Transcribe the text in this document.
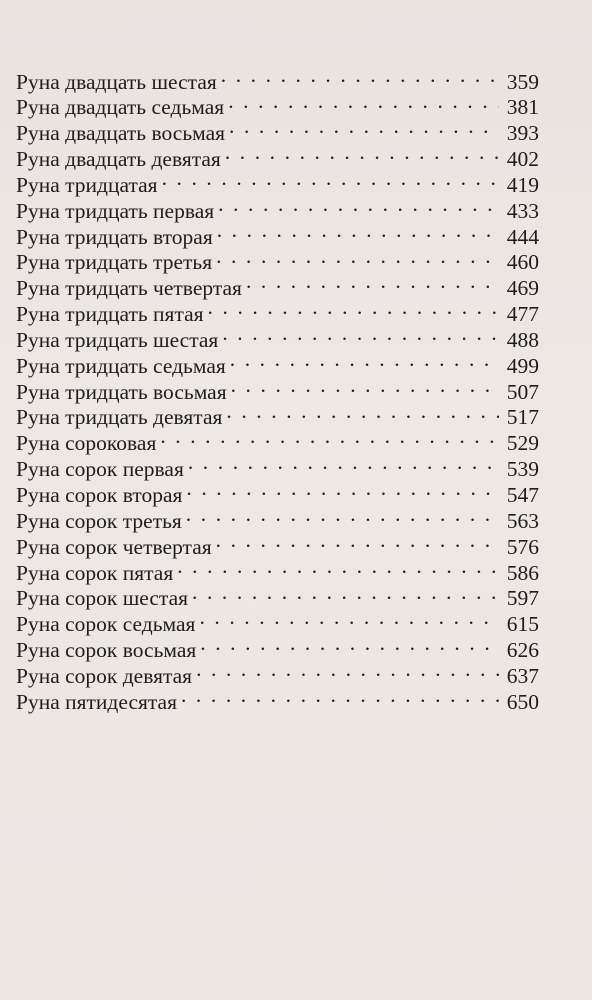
Руна двадцать шестая . . .	359
Руна двадцать седьмая . . .	381
Руна двадцать восьмая . . .	393
Руна двадцать девятая . . .	402
Руна тридцатая . . .	419
Руна тридцать первая . . .	433
Руна тридцать вторая . . .	444
Руна тридцать третья . . .	460
Руна тридцать четвертая . . .	469
Руна тридцать пятая . . .	477
Руна тридцать шестая . . .	488
Руна тридцать седьмая . . .	499
Руна тридцать восьмая . . .	507
Руна тридцать девятая . . .	517
Руна сороковая . . .	529
Руна сорок первая . . .	539
Руна сорок вторая . . .	547
Руна сорок третья . . .	563
Руна сорок четвертая . . .	576
Руна сорок пятая . . .	586
Руна сорок шестая . . .	597
Руна сорок седьмая . . .	615
Руна сорок восьмая . . .	626
Руна сорок девятая . . .	637
Руна пятидесятая . . .	650
